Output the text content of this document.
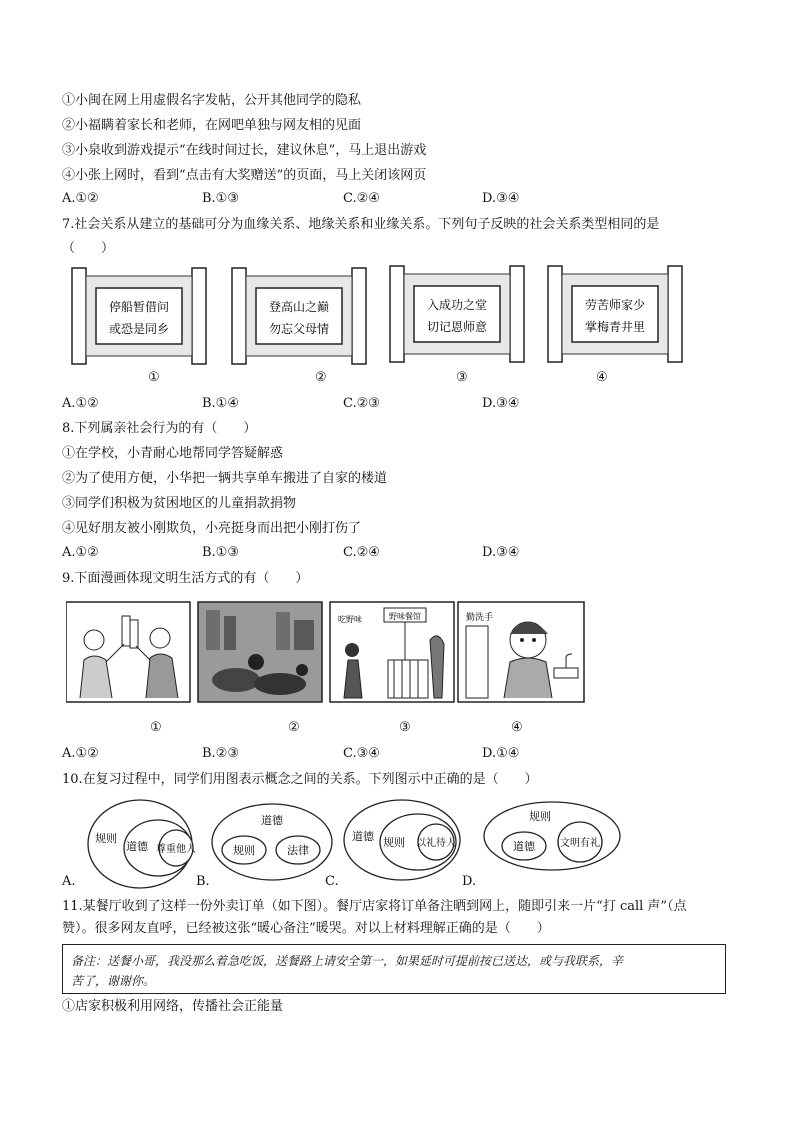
①小闽在网上用虚假名字发帖，公开其他同学的隐私
②小福瞒着家长和老师，在网吧单独与网友相的见面
③小泉收到游戏提示“在线时间过长，建议休息”，马上退出游戏
④小张上网时，看到“点击有大奖赠送”的页面，马上关闭该网页
A.①②	B.①③	C.②④	D.③④
7.社会关系从建立的基础可分为血缘关系、地缘关系和业缘关系。下列句子反映的社会关系类型相同的是
（　　）
停船暂借问
或恐是同乡
登高山之巅
勿忘父母情
入成功之堂
切记恩师意
劳苦师家少
掌梅青井里
①	②	③	④
A.①②	B.①④	C.②③	D.③④
8.下列属亲社会行为的有（　　）
①在学校，小青耐心地帮同学答疑解惑
②为了使用方便，小华把一辆共享单车搬进了自家的楼道
③同学们积极为贫困地区的儿童捐款捐物
④见好朋友被小刚欺负，小亮挺身而出把小刚打伤了
A.①②	B.①③	C.②④	D.③④
9.下面漫画体现文明生活方式的有（　　）
吃野味	野味餐馆	勤洗手
①	②	③	④
A.①②	B.②③	C.③④	D.①④
10.在复习过程中，同学们用图表示概念之间的关系。下列图示中正确的是（　　）
规则
道德 尊重他人
道德
规则	法律
道德 规则 以礼待人
规则
道德	文明有礼
A.	B.	C.	D.
11.某餐厅收到了这样一份外卖订单（如下图）。餐厅店家将订单备注晒到网上，随即引来一片“打 call 声”（点
赞）。很多网友直呼，已经被这张“暖心备注”暖哭。对以上材料理解正确的是（　　）
备注：送餐小哥，我没那么着急吃饭，送餐路上请安全第一，如果延时可提前按已送达，或与我联系，辛
苦了，谢谢你。
①店家积极利用网络，传播社会正能量
